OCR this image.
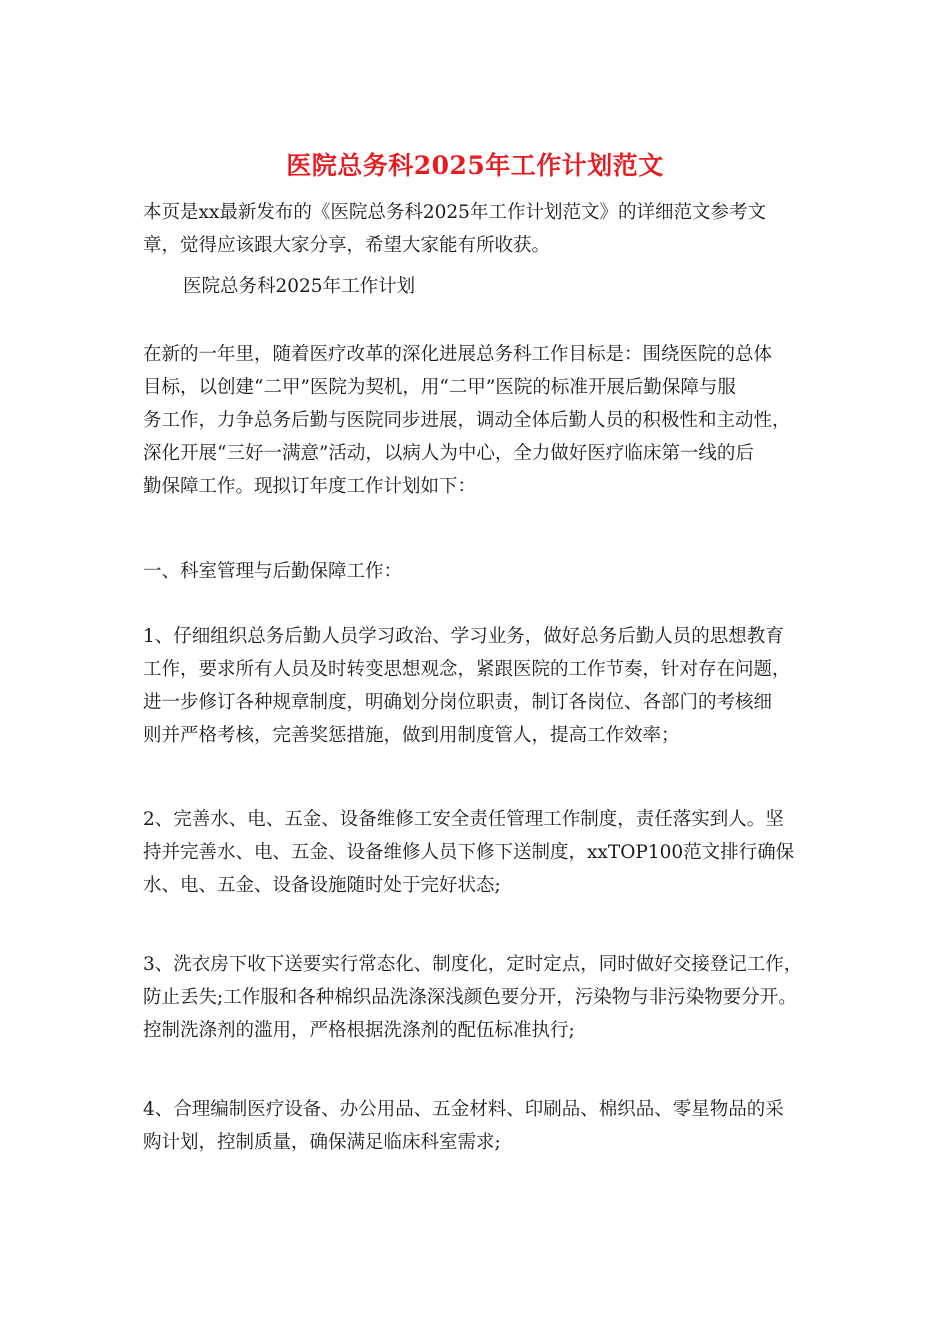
医院总务科2025年工作计划范文
本页是xx最新发布的《医院总务科2025年工作计划范文》的详细范文参考文
章，觉得应该跟大家分享，希望大家能有所收获。
医院总务科2025年工作计划
在新的一年里，随着医疗改革的深化进展总务科工作目标是：围绕医院的总体
目标，以创建“二甲”医院为契机，用“二甲”医院的标准开展后勤保障与服
务工作，力争总务后勤与医院同步进展，调动全体后勤人员的积极性和主动性，
深化开展“三好一满意”活动，以病人为中心，全力做好医疗临床第一线的后
勤保障工作。现拟订年度工作计划如下：
一、科室管理与后勤保障工作：
1、仔细组织总务后勤人员学习政治、学习业务，做好总务后勤人员的思想教育
工作，要求所有人员及时转变思想观念，紧跟医院的工作节奏，针对存在问题，
进一步修订各种规章制度，明确划分岗位职责，制订各岗位、各部门的考核细
则并严格考核，完善奖惩措施，做到用制度管人，提高工作效率；
2、完善水、电、五金、设备维修工安全责任管理工作制度，责任落实到人。坚
持并完善水、电、五金、设备维修人员下修下送制度，xxTOP100范文排行确保
水、电、五金、设备设施随时处于完好状态;
3、洗衣房下收下送要实行常态化、制度化，定时定点，同时做好交接登记工作，
防止丢失;工作服和各种棉织品洗涤深浅颜色要分开，污染物与非污染物要分开。
控制洗涤剂的滥用，严格根据洗涤剂的配伍标准执行;
4、合理编制医疗设备、办公用品、五金材料、印刷品、棉织品、零星物品的采
购计划，控制质量，确保满足临床科室需求;
